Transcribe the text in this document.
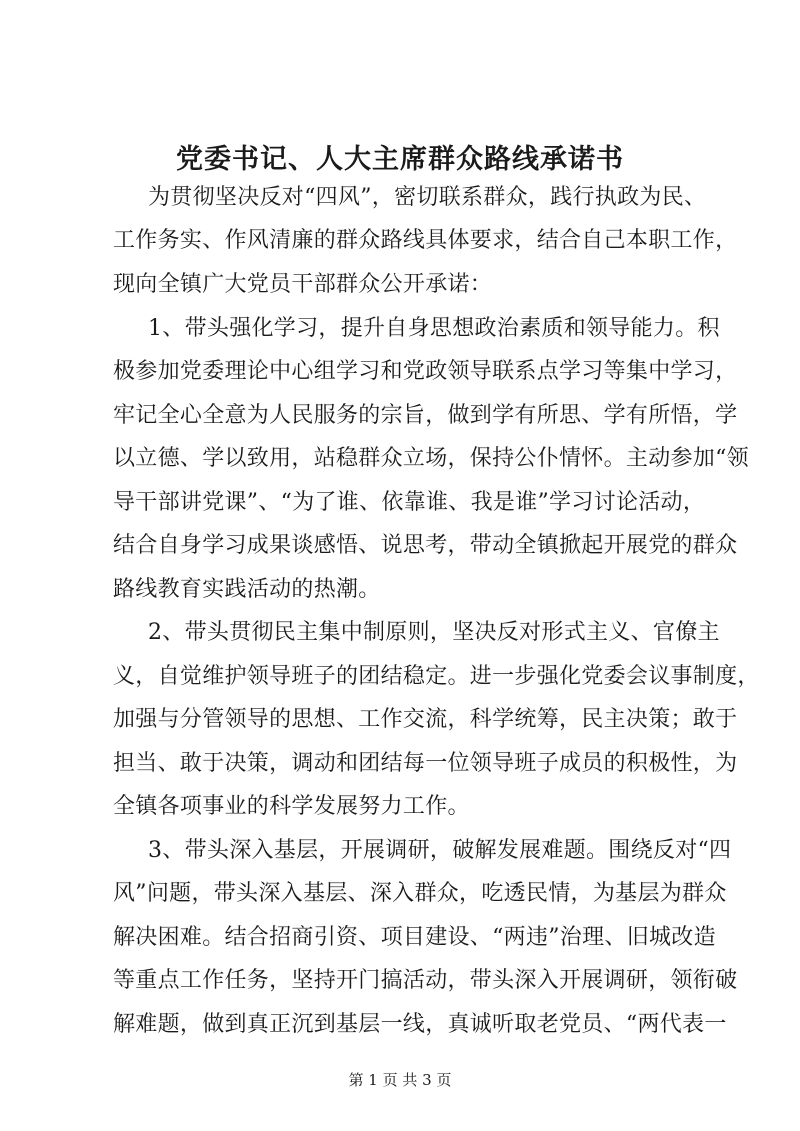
党委书记、人大主席群众路线承诺书

为贯彻坚决反对“四风”，密切联系群众，践行执政为民、

工作务实、作风清廉的群众路线具体要求，结合自己本职工作，

现向全镇广大党员干部群众公开承诺：

1、带头强化学习，提升自身思想政治素质和领导能力。积

极参加党委理论中心组学习和党政领导联系点学习等集中学习，

牢记全心全意为人民服务的宗旨，做到学有所思、学有所悟，学

以立德、学以致用，站稳群众立场，保持公仆情怀。主动参加“领

导干部讲党课”、“为了谁、依靠谁、我是谁”学习讨论活动，

结合自身学习成果谈感悟、说思考，带动全镇掀起开展党的群众

路线教育实践活动的热潮。

2、带头贯彻民主集中制原则，坚决反对形式主义、官僚主

义，自觉维护领导班子的团结稳定。进一步强化党委会议事制度，

加强与分管领导的思想、工作交流，科学统筹，民主决策；敢于

担当、敢于决策，调动和团结每一位领导班子成员的积极性，为

全镇各项事业的科学发展努力工作。

3、带头深入基层，开展调研，破解发展难题。围绕反对“四

风”问题，带头深入基层、深入群众，吃透民情，为基层为群众

解决困难。结合招商引资、项目建设、“两违”治理、旧城改造

等重点工作任务，坚持开门搞活动，带头深入开展调研，领衔破

解难题，做到真正沉到基层一线，真诚听取老党员、“两代表一

第 1 页 共 3 页
